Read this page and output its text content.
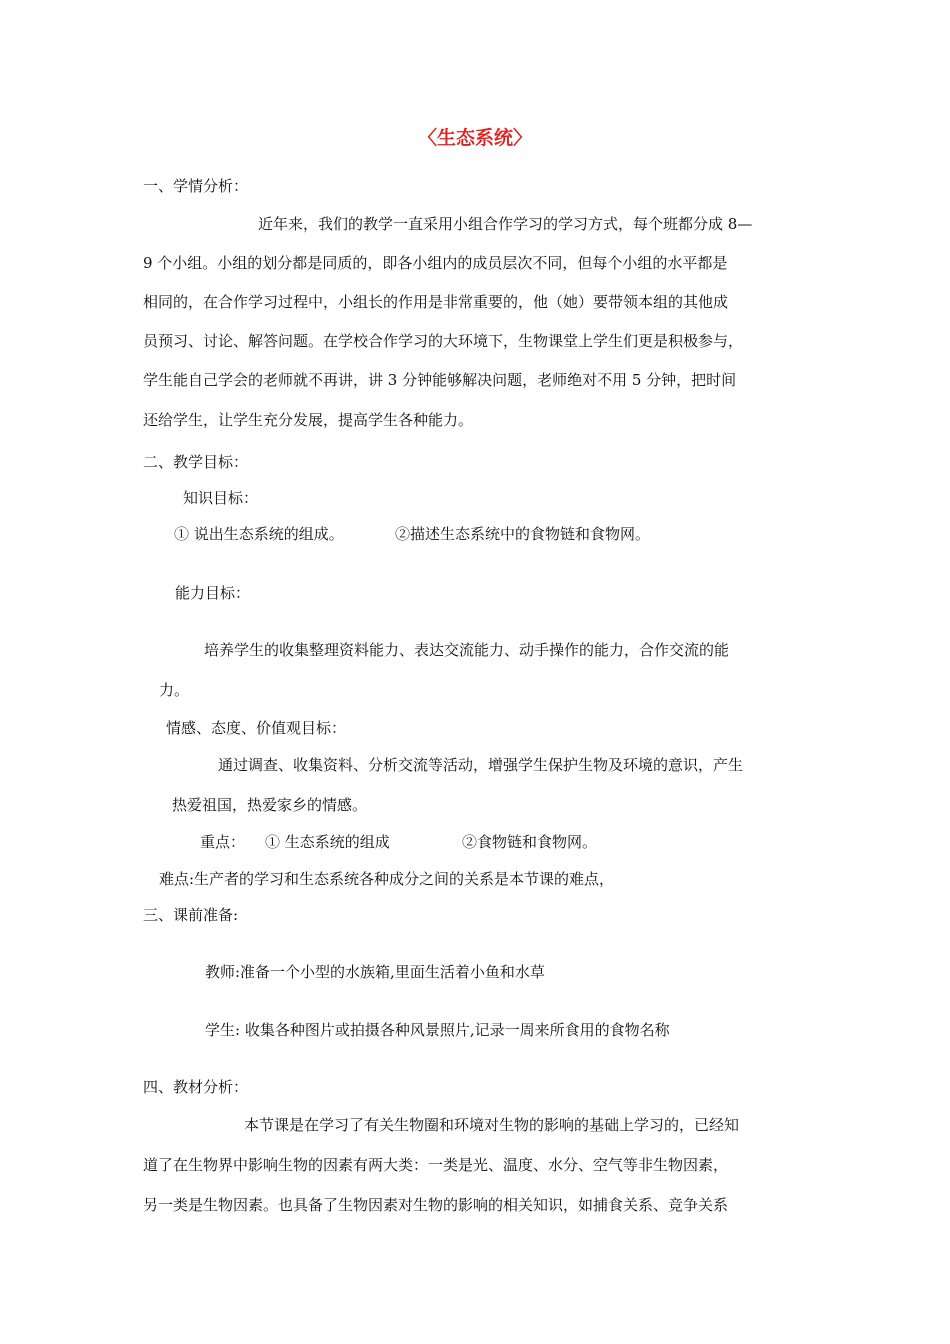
〈生态系统〉
一、学情分析：
近年来，我们的教学一直采用小组合作学习的学习方式，每个班都分成 8—
9 个小组。小组的划分都是同质的，即各小组内的成员层次不同，但每个小组的水平都是
相同的，在合作学习过程中，小组长的作用是非常重要的，他（她）要带领本组的其他成
员预习、讨论、解答问题。在学校合作学习的大环境下，生物课堂上学生们更是积极参与，
学生能自己学会的老师就不再讲，讲 3 分钟能够解决问题，老师绝对不用 5 分钟，把时间
还给学生，让学生充分发展，提高学生各种能力。
二、教学目标：
知识目标：
① 说出生态系统的组成。	②描述生态系统中的食物链和食物网。
能力目标：
培养学生的收集整理资料能力、表达交流能力、动手操作的能力，合作交流的能
力。
情感、态度、价值观目标：
通过调查、收集资料、分析交流等活动，增强学生保护生物及环境的意识，产生
热爱祖国，热爱家乡的情感。
重点： ① 生态系统的组成	②食物链和食物网。
难点:生产者的学习和生态系统各种成分之间的关系是本节课的难点，
三、课前准备:
教师:准备一个小型的水族箱,里面生活着小鱼和水草
学生: 收集各种图片或拍摄各种风景照片,记录一周来所食用的食物名称
四、教材分析：
本节课是在学习了有关生物圈和环境对生物的影响的基础上学习的，已经知
道了在生物界中影响生物的因素有两大类：一类是光、温度、水分、空气等非生物因素，
另一类是生物因素。也具备了生物因素对生物的影响的相关知识，如捕食关系、竞争关系
